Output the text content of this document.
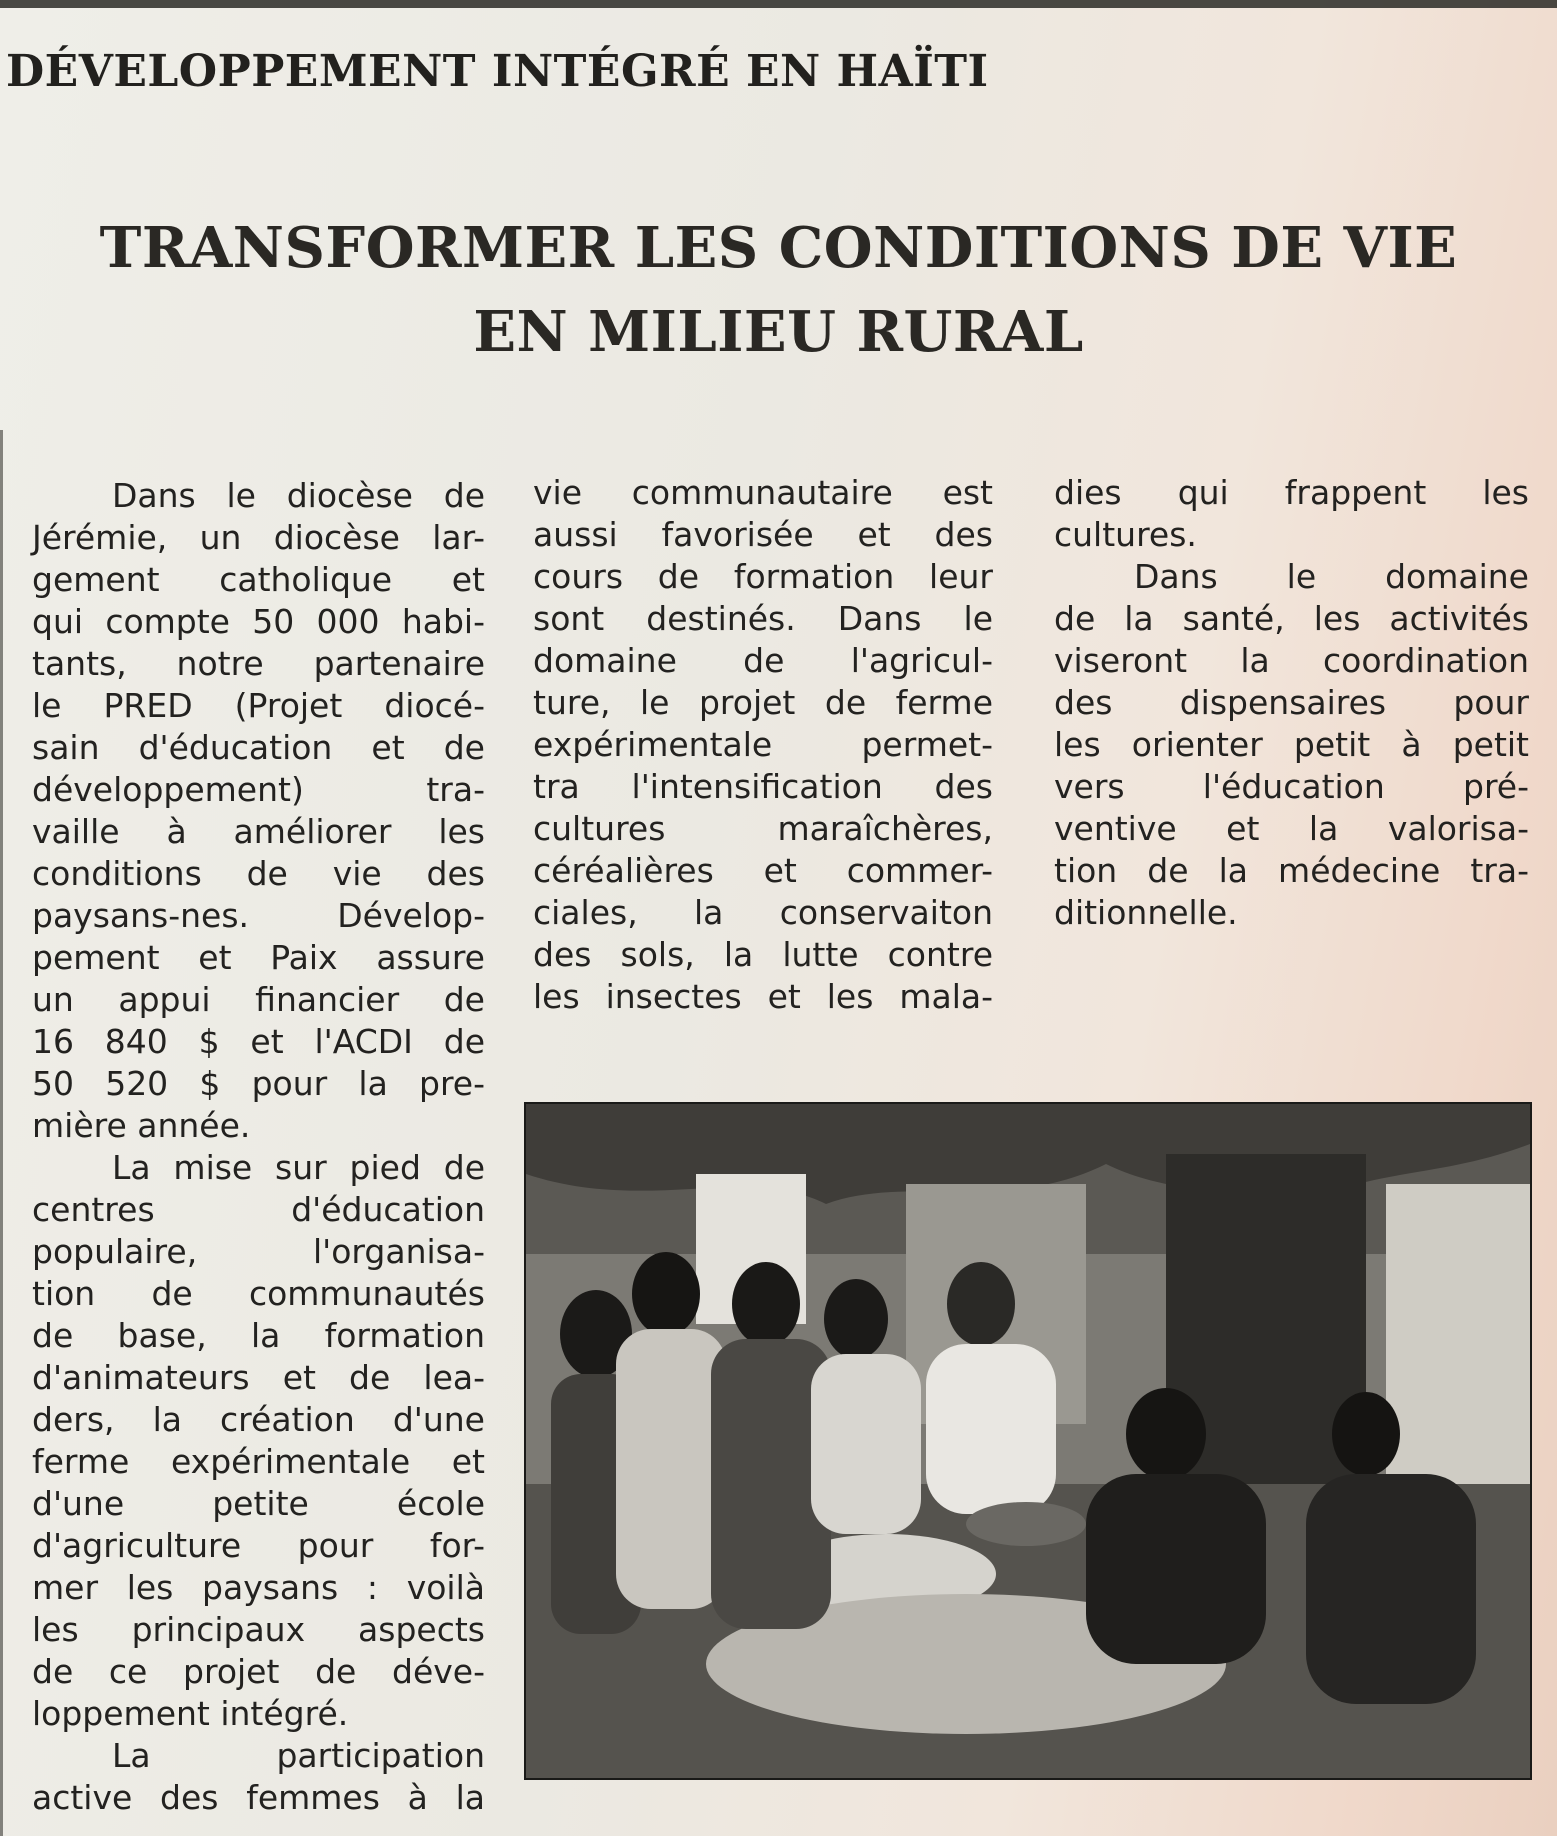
DÉVELOPPEMENT INTÉGRÉ EN HAÏTI
TRANSFORMER LES CONDITIONS DE VIE
EN MILIEU RURAL
Dans le diocèse de
Jérémie, un diocèse lar-
gement catholique et
qui compte 50 000 habi-
tants, notre partenaire
le PRED (Projet diocé-
sain d'éducation et de
développement) tra-
vaille à améliorer les
conditions de vie des
paysans-nes. Dévelop-
pement et Paix assure
un appui financier de
16 840 $ et l'ACDI de
50 520 $ pour la pre-
mière année.
La mise sur pied de
centres d'éducation
populaire, l'organisa-
tion de communautés
de base, la formation
d'animateurs et de lea-
ders, la création d'une
ferme expérimentale et
d'une petite école
d'agriculture pour for-
mer les paysans : voilà
les principaux aspects
de ce projet de déve-
loppement intégré.
La participation
active des femmes à la
vie communautaire est
aussi favorisée et des
cours de formation leur
sont destinés. Dans le
domaine de l'agricul-
ture, le projet de ferme
expérimentale permet-
tra l'intensification des
cultures maraîchères,
céréalières et commer-
ciales, la conservaiton
des sols, la lutte contre
les insectes et les mala-
dies qui frappent les
cultures.
Dans le domaine
de la santé, les activités
viseront la coordination
des dispensaires pour
les orienter petit à petit
vers l'éducation pré-
ventive et la valorisa-
tion de la médecine tra-
ditionnelle.
